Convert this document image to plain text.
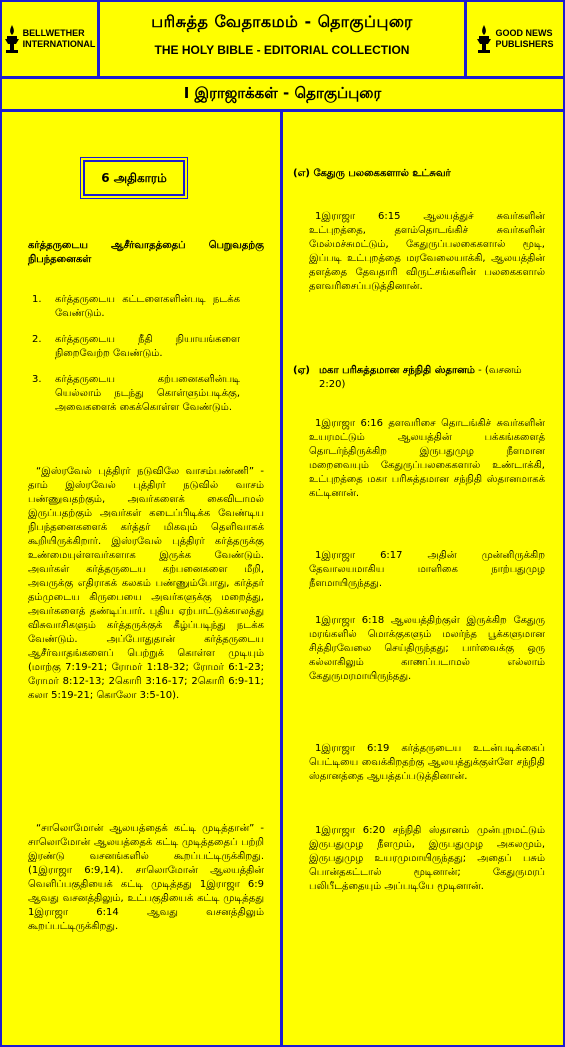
BELLWETHER
INTERNATIONAL
பரிசுத்த வேதாகமம் - தொகுப்புரை
THE HOLY BIBLE - EDITORIAL COLLECTION
GOOD NEWS
PUBLISHERS
I இராஜாக்கள் - தொகுப்புரை
6 அதிகாரம்

கர்த்தருடைய ஆசீர்வாதத்தைப் பெறுவதற்கு நிபந்தனைகள்

1. கர்த்தருடைய கட்டளைகளின்படி நடக்க வேண்டும்.
2. கர்த்தருடைய நீதி நியாயங்களை நிறைவேற்ற வேண்டும்.
3. கர்த்தருடைய கற்பனைகளின்படி யெல்லாம் நடந்து கொள்ளும்படிக்கு, அவைகளைக் கைக்கொள்ள வேண்டும்.

“இஸ்ரவேல் புத்திரர் நடுவிலே வாசம்பண்ணி” - தாம் இஸ்ரவேல் புத்திரர் நடுவில் வாசம் பண்ணுவதற்கும், அவர்களைக் கைவிடாமல் இருப்பதற்கும் அவர்கள் கடைப்பிடிக்க வேண்டிய நிபந்தனைகளைக் கர்த்தர் மிகவும் தெளிவாகக் கூறியிருக்கிறார். இஸ்ரவேல் புத்திரர் கர்த்தருக்கு உண்மையுள்ளவர்களாக இருக்க வேண்டும். அவர்கள் கர்த்தருடைய கற்பனைகளை மீறி, அவருக்கு எதிராகக் கலகம் பண்ணும்போது, கர்த்தர் தம்முடைய கிருபையை அவர்களுக்கு மறைத்து, அவர்களைத் தண்டிப்பார். புதிய ஏற்பாட்டுக்காலத்து விசுவாசிகளும் கர்த்தருக்குக் கீழ்ப்படிந்து நடக்க வேண்டும். அப்போதுதான் கர்த்தருடைய ஆசீர்வாதங்களைப் பெற்றுக் கொள்ள முடியும் (மாற்கு 7:19-21; ரோமர் 1:18-32; ரோமர் 6:1-23; ரோமர் 8:12-13; 2கொரி 3:16-17; 2கொரி 6:9-11; கலா 5:19-21; கொலோ 3:5-10).

“சாலொமோன் ஆலயத்தைக் கட்டி முடித்தான்” - சாலொமோன் ஆலயத்தைக் கட்டி முடித்ததைப் பற்றி இரண்டு வசனங்களில் கூறப்பட்டிருக்கிறது. (1இராஜா 6:9,14). சாலொமோன் ஆலயத்தின் வெளிப்பகுதியைக் கட்டி முடித்தது 1இராஜா 6:9 ஆவது வசனத்திலும், உட்பகுதியைக் கட்டி முடித்தது 1இராஜா 6:14 ஆவது வசனத்திலும் கூறப்பட்டிருக்கிறது.

(எ) கேதுரு பலகைகளால் உட்சுவர்

1இராஜா 6:15 ஆலயத்துச் சுவர்களின் உட்புறத்தை, தளம்தொடங்கிச் சுவர்களின் மேல்மச்சுமட்டும், கேதுருப்பலகைகளால் மூடி, இப்படி உட்புறத்தை மரவேலையாக்கி, ஆலயத்தின் தளத்தை தேவதாரி விருட்சங்களின் பலகைகளால் தளவரிசைப்படுத்தினான்.

(ஏ) மகா பரிசுத்தமான சந்நிதி ஸ்தானம் - (வசனம் 2:20)

1இராஜா 6:16 தளவரிசை தொடங்கிச் சுவர்களின் உயரமட்டும் ஆலயத்தின் பக்கங்களைத் தொடர்ந்திருக்கிற இருபதுமுழ நீளமான மறைவையும் கேதுருப்பலகைகளால் உண்டாக்கி, உட்புறத்தை மகா பரிசுத்தமான சந்நிதி ஸ்தானமாகக் கட்டினான்.

1இராஜா 6:17 அதின் முன்னிருக்கிற தேவாலயமாகிய மாளிகை நாற்பதுமுழ நீளமாயிருந்தது.

1இராஜா 6:18 ஆலயத்திற்குள் இருக்கிற கேதுரு மரங்களில் மொக்குகளும் மலர்ந்த பூக்களுமான சித்திரவேலை செய்திருந்தது; பார்வைக்கு ஒரு கல்லாகிலும் காணப்படாமல் எல்லாம் கேதுருமரமாயிருந்தது.

1இராஜா 6:19 கர்த்தருடைய உடன்படிக்கைப் பெட்டியை வைக்கிறதற்கு ஆலயத்துக்குள்ளே சந்நிதி ஸ்தானத்தை ஆயத்தப்படுத்தினான்.

1இராஜா 6:20 சந்நிதி ஸ்தானம் முன்புறமட்டும் இருபதுமுழ நீளமும், இருபதுமுழ அகலமும், இருபதுமுழ உயரமுமாயிருந்தது; அதைப் பசும் பொன்தகட்டால் மூடினான்; கேதுருமரப் பலிபீடத்தையும் அப்படியே மூடினான்.
